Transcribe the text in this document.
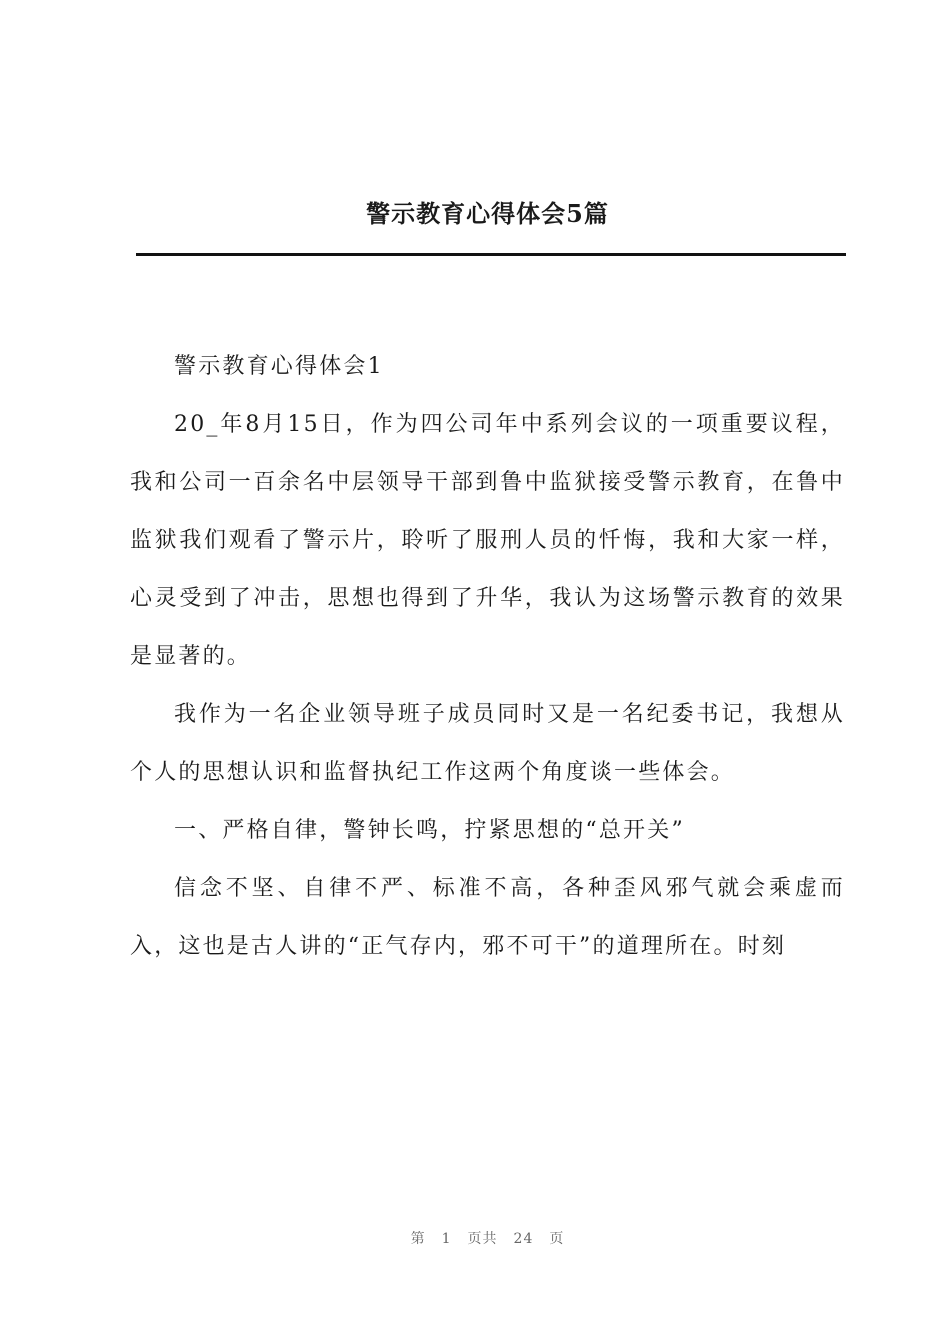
警示教育心得体会5篇

警示教育心得体会1

20_年8月15日，作为四公司年中系列会议的一项重要议程，我和公司一百余名中层领导干部到鲁中监狱接受警示教育，在鲁中监狱我们观看了警示片，聆听了服刑人员的忏悔，我和大家一样，心灵受到了冲击，思想也得到了升华，我认为这场警示教育的效果是显著的。

我作为一名企业领导班子成员同时又是一名纪委书记，我想从个人的思想认识和监督执纪工作这两个角度谈一些体会。

一、严格自律，警钟长鸣，拧紧思想的“总开关”

信念不坚、自律不严、标准不高，各种歪风邪气就会乘虚而入，这也是古人讲的“正气存内，邪不可干”的道理所在。时刻

第 1 页共 24 页
